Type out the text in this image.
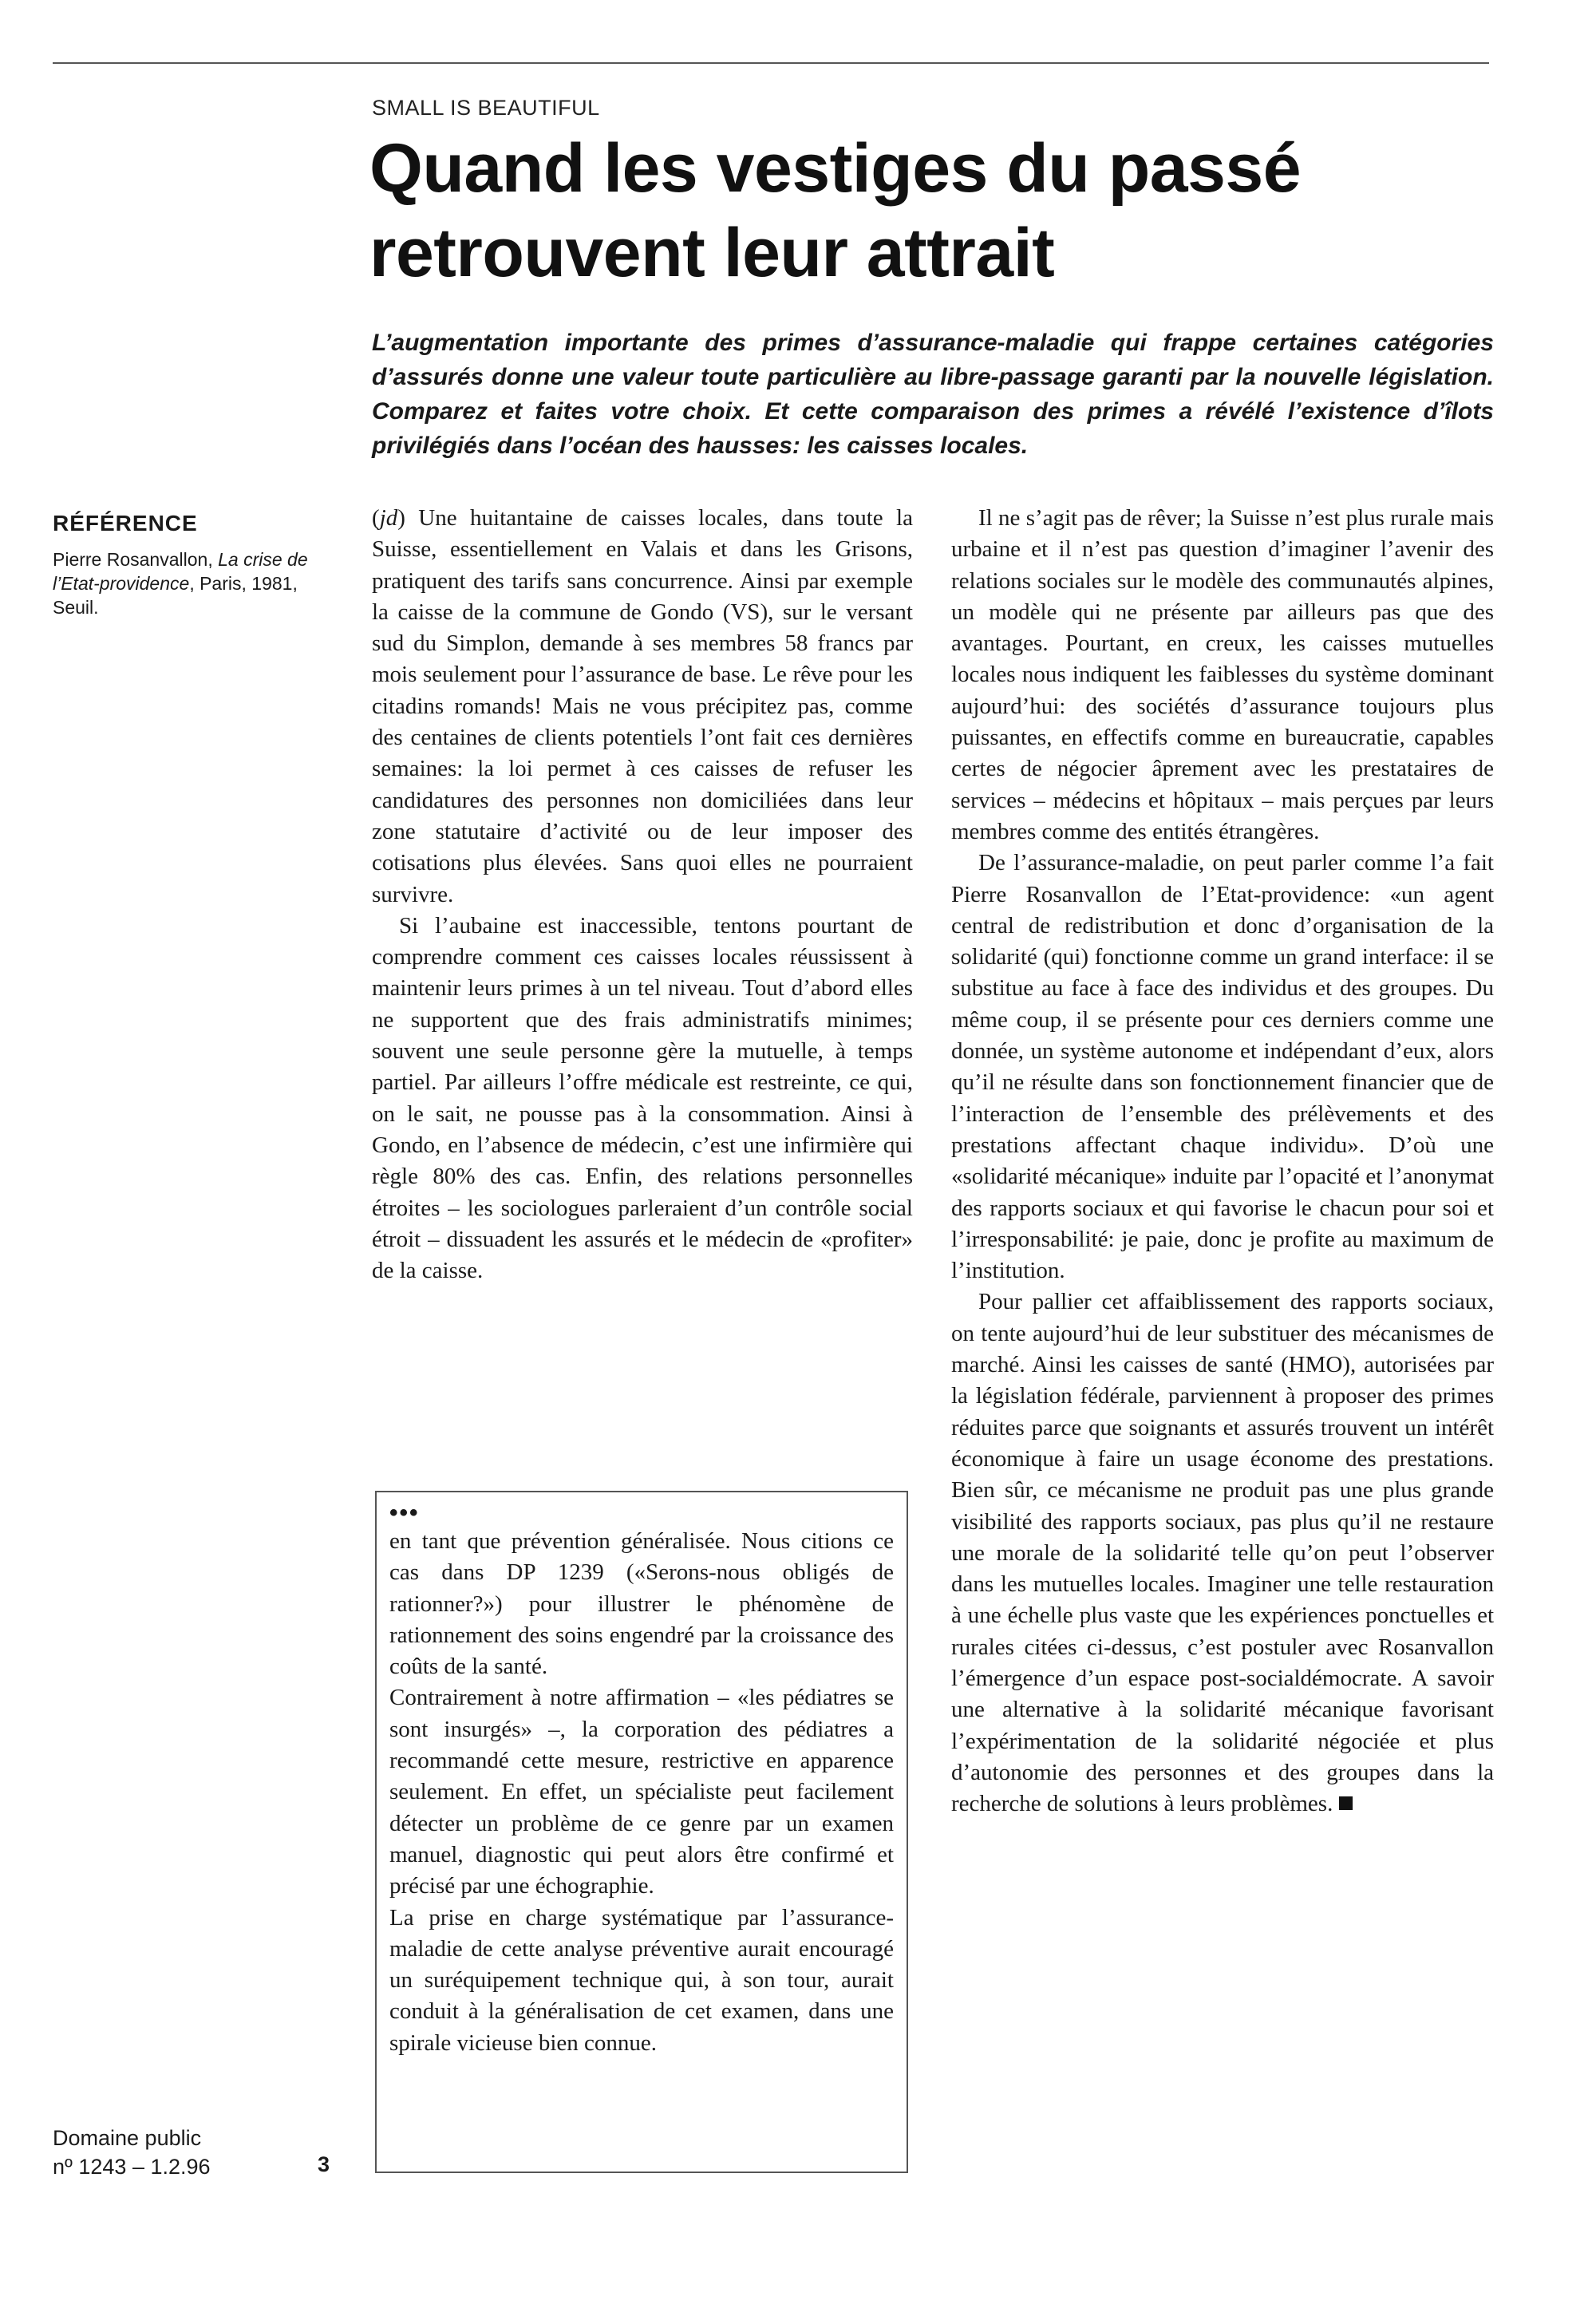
SMALL IS BEAUTIFUL
Quand les vestiges du passé
retrouvent leur attrait

L’augmentation importante des primes d’assurance-maladie qui frappe certaines catégories d’assurés donne une valeur toute particulière au libre-passage garanti par la nouvelle législation. Comparez et faites votre choix. Et cette comparaison des primes a révélé l’existence d’îlots privilégiés dans l’océan des hausses: les caisses locales.

RÉFÉRENCE

Pierre Rosanvallon, La crise de l’Etat-providence, Paris, 1981, Seuil.

(jd) Une huitantaine de caisses locales, dans toute la Suisse, essentiellement en Valais et dans les Grisons, pratiquent des tarifs sans concurrence. Ainsi par exemple la caisse de la commune de Gondo (VS), sur le versant sud du Simplon, demande à ses membres 58 francs par mois seulement pour l’assurance de base. Le rêve pour les citadins romands! Mais ne vous précipitez pas, comme des centaines de clients potentiels l’ont fait ces dernières semaines: la loi permet à ces caisses de refuser les candidatures des personnes non domiciliées dans leur zone statutaire d’activité ou de leur imposer des cotisations plus élevées. Sans quoi elles ne pourraient survivre.

Si l’aubaine est inaccessible, tentons pourtant de comprendre comment ces caisses locales réussissent à maintenir leurs primes à un tel niveau. Tout d’abord elles ne supportent que des frais administratifs minimes; souvent une seule personne gère la mutuelle, à temps partiel. Par ailleurs l’offre médicale est restreinte, ce qui, on le sait, ne pousse pas à la consommation. Ainsi à Gondo, en l’absence de médecin, c’est une infirmière qui règle 80% des cas. Enfin, des relations personnelles étroites – les sociologues parleraient d’un contrôle social étroit – dissuadent les assurés et le médecin de «profiter» de la caisse.

•••

en tant que prévention généralisée. Nous citions ce cas dans DP 1239 («Serons-nous obligés de rationner?») pour illustrer le phénomène de rationnement des soins engendré par la croissance des coûts de la santé.

Contrairement à notre affirmation – «les pédiatres se sont insurgés» –, la corporation des pédiatres a recommandé cette mesure, restrictive en apparence seulement. En effet, un spécialiste peut facilement détecter un problème de ce genre par un examen manuel, diagnostic qui peut alors être confirmé et précisé par une échographie.

La prise en charge systématique par l’assurance-maladie de cette analyse préventive aurait encouragé un suréquipement technique qui, à son tour, aurait conduit à la généralisation de cet examen, dans une spirale vicieuse bien connue.

Il ne s’agit pas de rêver; la Suisse n’est plus rurale mais urbaine et il n’est pas question d’imaginer l’avenir des relations sociales sur le modèle des communautés alpines, un modèle qui ne présente par ailleurs pas que des avantages. Pourtant, en creux, les caisses mutuelles locales nous indiquent les faiblesses du système dominant aujourd’hui: des sociétés d’assurance toujours plus puissantes, en effectifs comme en bureaucratie, capables certes de négocier âprement avec les prestataires de services – médecins et hôpitaux – mais perçues par leurs membres comme des entités étrangères.

De l’assurance-maladie, on peut parler comme l’a fait Pierre Rosanvallon de l’Etat-providence: «un agent central de redistribution et donc d’organisation de la solidarité (qui) fonctionne comme un grand interface: il se substitue au face à face des individus et des groupes. Du même coup, il se présente pour ces derniers comme une donnée, un système autonome et indépendant d’eux, alors qu’il ne résulte dans son fonctionnement financier que de l’interaction de l’ensemble des prélèvements et des prestations affectant chaque individu». D’où une «solidarité mécanique» induite par l’opacité et l’anonymat des rapports sociaux et qui favorise le chacun pour soi et l’irresponsabilité: je paie, donc je profite au maximum de l’institution.

Pour pallier cet affaiblissement des rapports sociaux, on tente aujourd’hui de leur substituer des mécanismes de marché. Ainsi les caisses de santé (HMO), autorisées par la législation fédérale, parviennent à proposer des primes réduites parce que soignants et assurés trouvent un intérêt économique à faire un usage économe des prestations. Bien sûr, ce mécanisme ne produit pas une plus grande visibilité des rapports sociaux, pas plus qu’il ne restaure une morale de la solidarité telle qu’on peut l’observer dans les mutuelles locales. Imaginer une telle restauration à une échelle plus vaste que les expériences ponctuelles et rurales citées ci-dessus, c’est postuler avec Rosanvallon l’émergence d’un espace post-socialdémocrate. A savoir une alternative à la solidarité mécanique favorisant l’expérimentation de la solidarité négociée et plus d’autonomie des personnes et des groupes dans la recherche de solutions à leurs problèmes.

Domaine public

nº 1243 – 1.2.96	3
